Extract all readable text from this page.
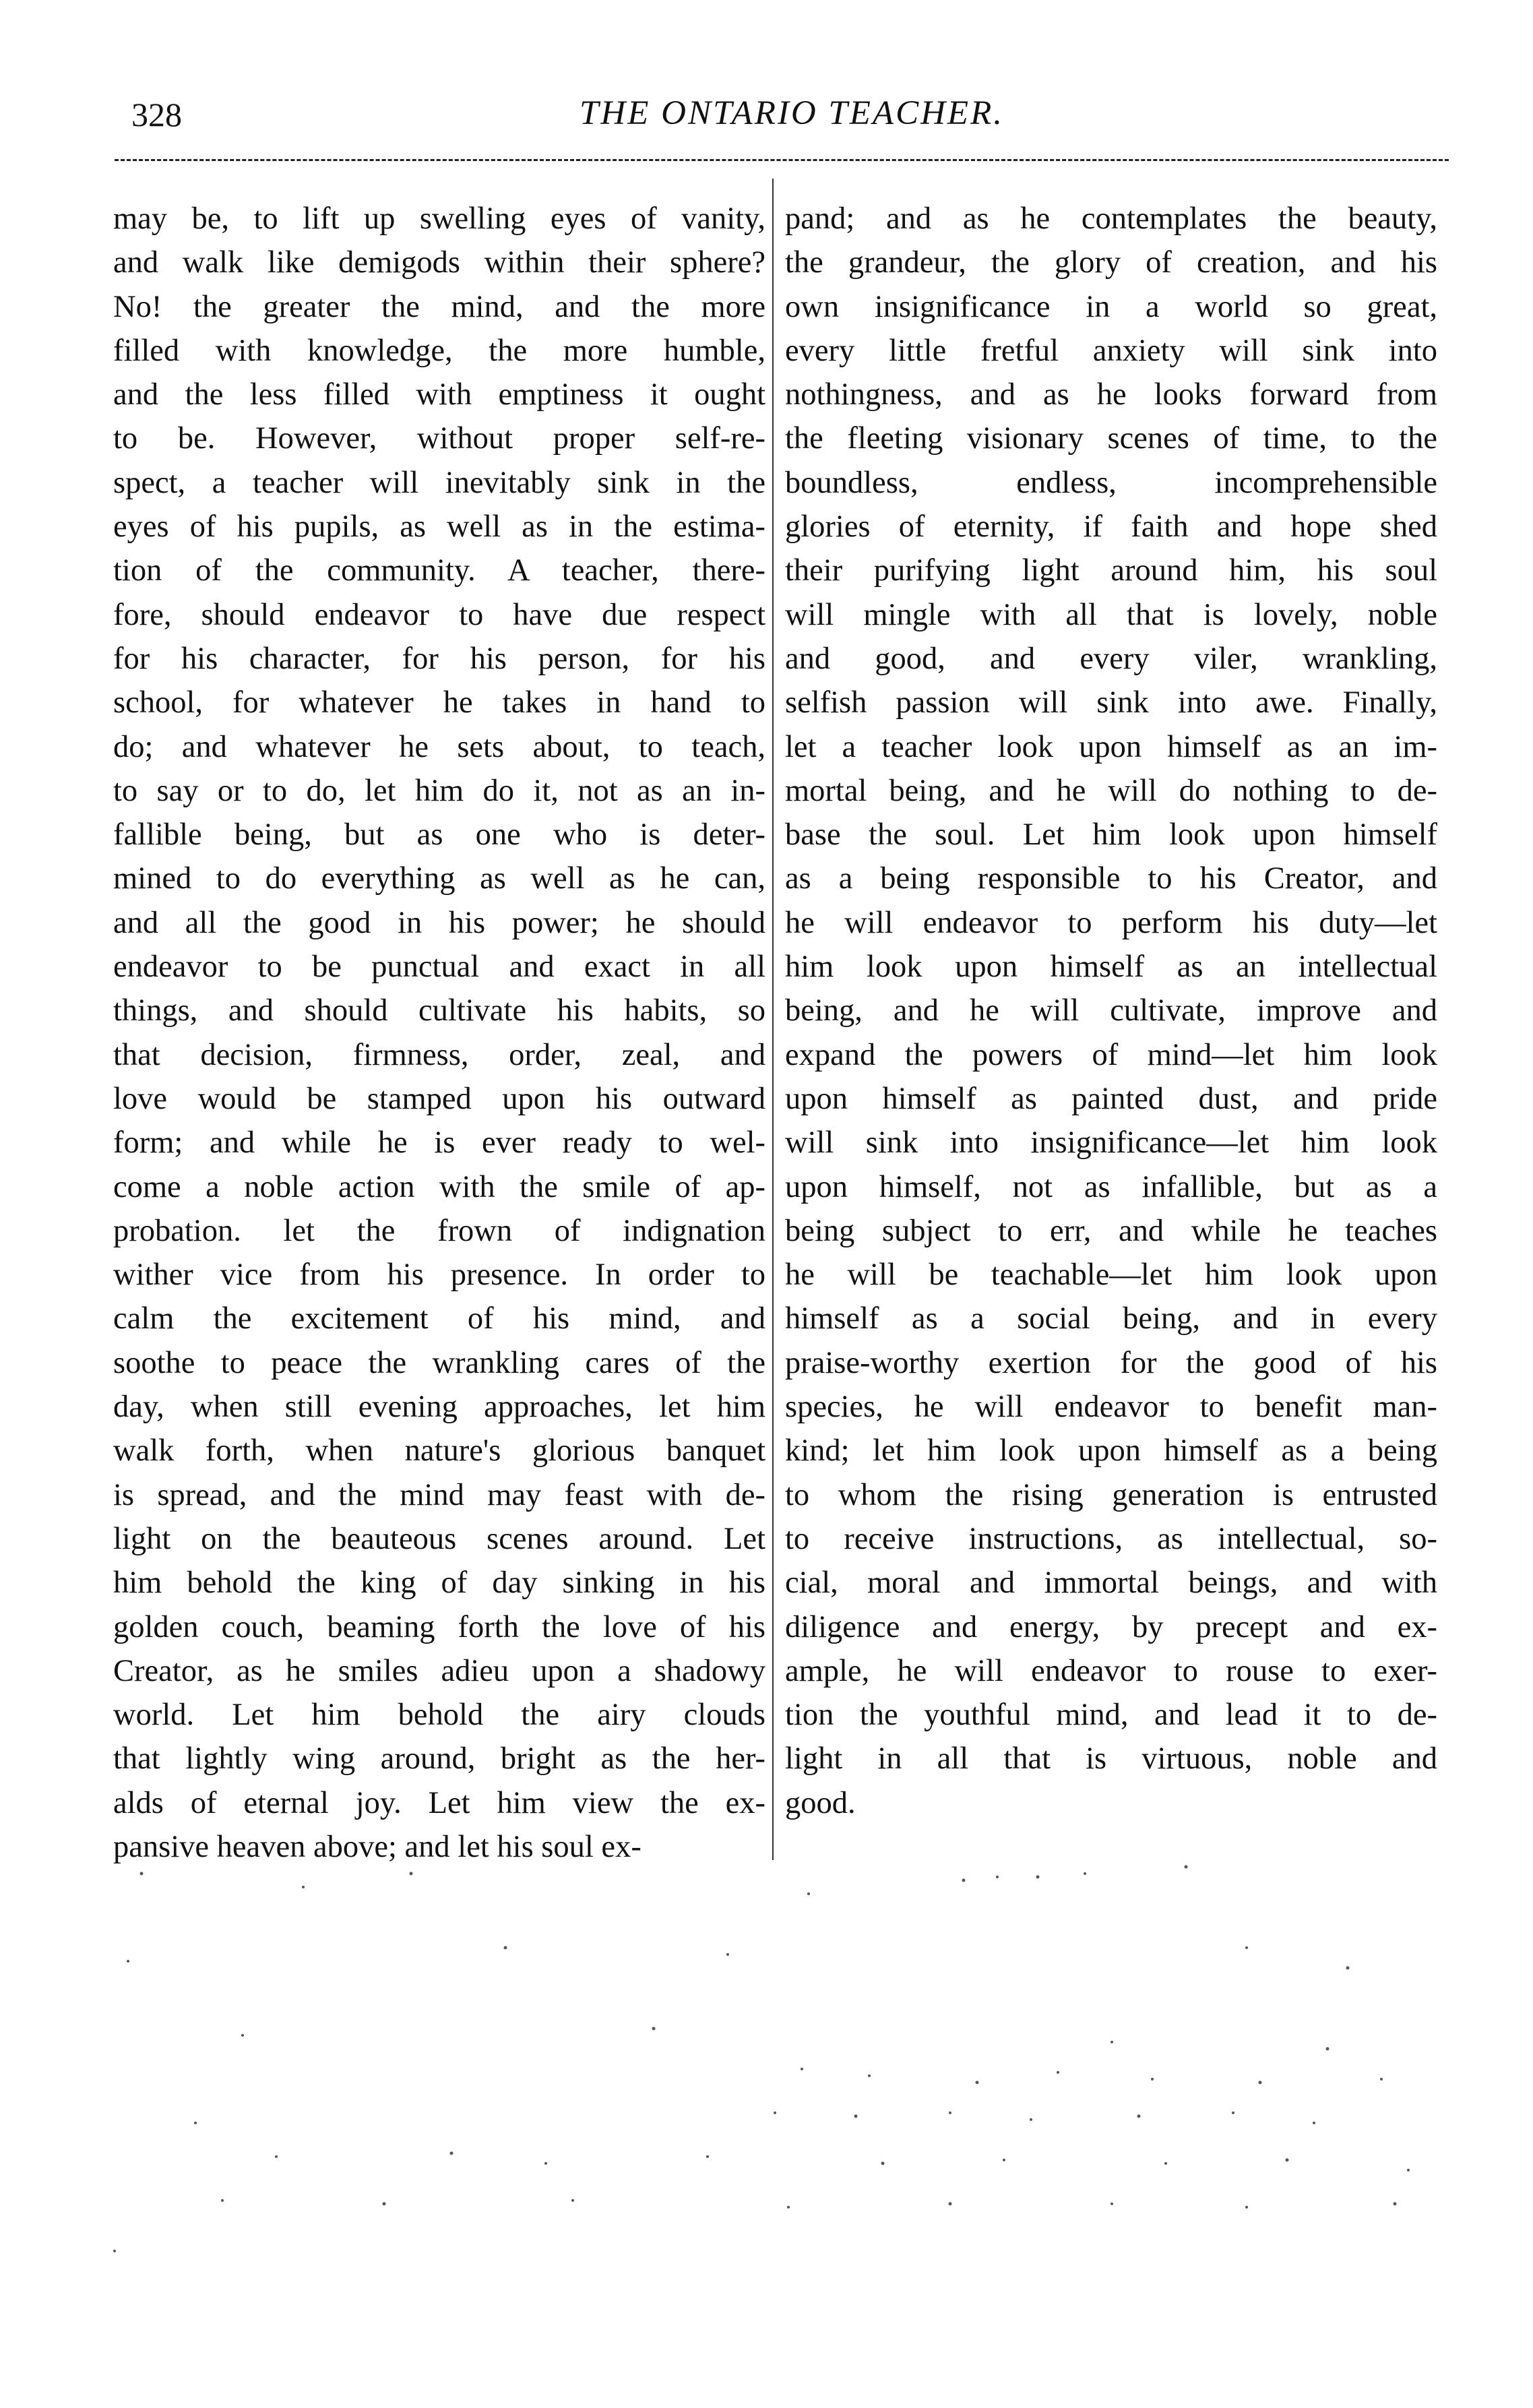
328	THE ONTARIO TEACHER.
may be, to lift up swelling eyes of vanity,
and walk like demigods within their sphere?
No! the greater the mind, and the more
filled with knowledge, the more humble,
and the less filled with emptiness it ought
to be. However, without proper self-re-
spect, a teacher will inevitably sink in the
eyes of his pupils, as well as in the estima-
tion of the community. A teacher, there-
fore, should endeavor to have due respect
for his character, for his person, for his
school, for whatever he takes in hand to
do; and whatever he sets about, to teach,
to say or to do, let him do it, not as an in-
fallible being, but as one who is deter-
mined to do everything as well as he can,
and all the good in his power; he should
endeavor to be punctual and exact in all
things, and should cultivate his habits, so
that decision, firmness, order, zeal, and
love would be stamped upon his outward
form; and while he is ever ready to wel-
come a noble action with the smile of ap-
probation. let the frown of indignation
wither vice from his presence. In order to
calm the excitement of his mind, and
soothe to peace the wrankling cares of the
day, when still evening approaches, let him
walk forth, when nature's glorious banquet
is spread, and the mind may feast with de-
light on the beauteous scenes around. Let
him behold the king of day sinking in his
golden couch, beaming forth the love of his
Creator, as he smiles adieu upon a shadowy
world. Let him behold the airy clouds
that lightly wing around, bright as the her-
alds of eternal joy. Let him view the ex-
pansive heaven above; and let his soul ex-
pand; and as he contemplates the beauty,
the grandeur, the glory of creation, and his
own insignificance in a world so great,
every little fretful anxiety will sink into
nothingness, and as he looks forward from
the fleeting visionary scenes of time, to the
boundless, endless, incomprehensible
glories of eternity, if faith and hope shed
their purifying light around him, his soul
will mingle with all that is lovely, noble
and good, and every viler, wrankling,
selfish passion will sink into awe. Finally,
let a teacher look upon himself as an im-
mortal being, and he will do nothing to de-
base the soul. Let him look upon himself
as a being responsible to his Creator, and
he will endeavor to perform his duty—let
him look upon himself as an intellectual
being, and he will cultivate, improve and
expand the powers of mind—let him look
upon himself as painted dust, and pride
will sink into insignificance—let him look
upon himself, not as infallible, but as a
being subject to err, and while he teaches
he will be teachable—let him look upon
himself as a social being, and in every
praise-worthy exertion for the good of his
species, he will endeavor to benefit man-
kind; let him look upon himself as a being
to whom the rising generation is entrusted
to receive instructions, as intellectual, so-
cial, moral and immortal beings, and with
diligence and energy, by precept and ex-
ample, he will endeavor to rouse to exer-
tion the youthful mind, and lead it to de-
light in all that is virtuous, noble and
good.
